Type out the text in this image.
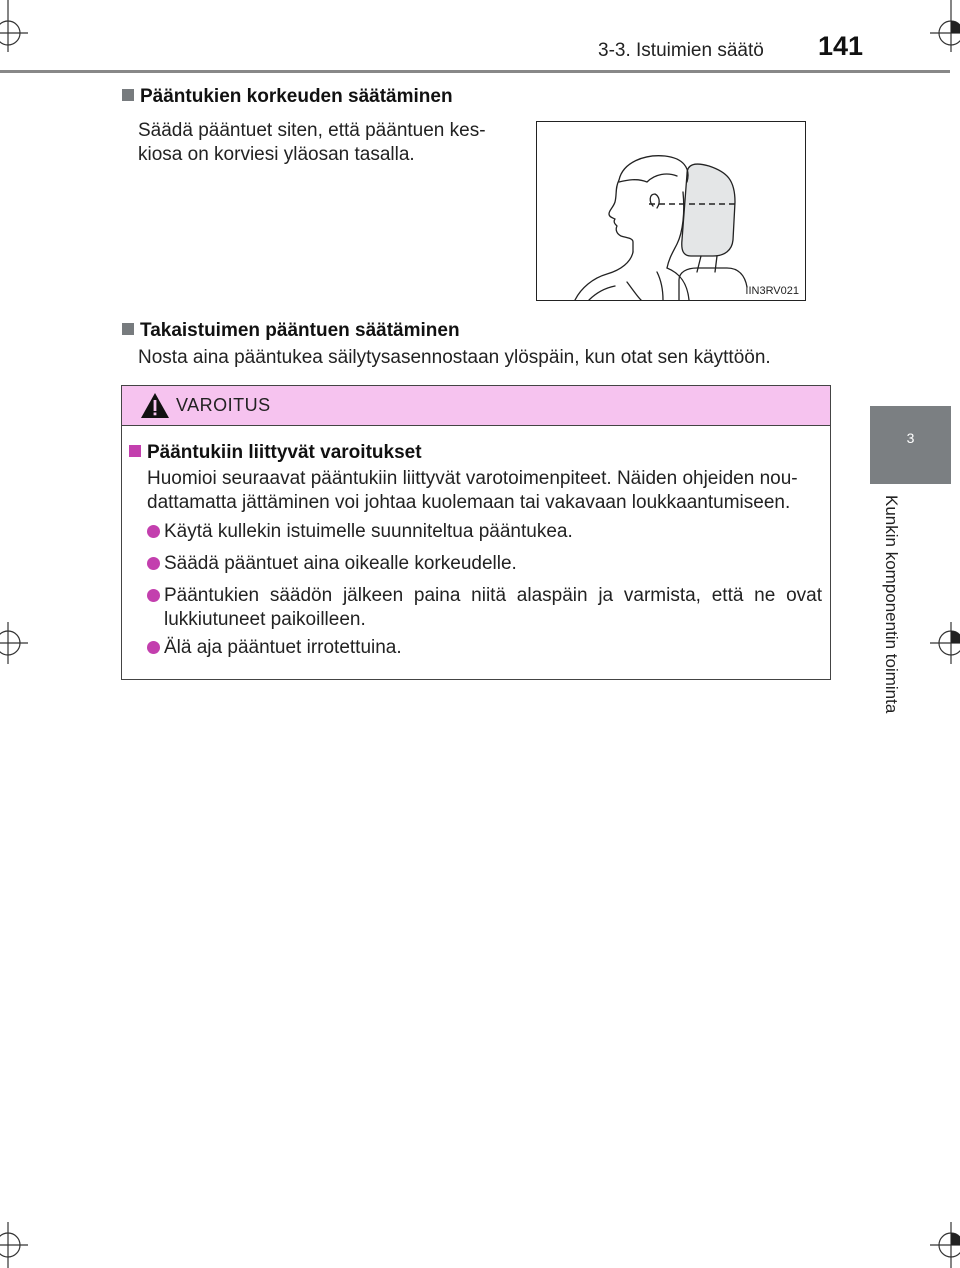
3-3. Istuimien säätö 141
3
Kunkin komponentin toiminta
Pääntukien korkeuden säätäminen
Säädä pääntuet siten, että pääntuen kes-
kiosa on korviesi yläosan tasalla.
IIN3RV021
Takaistuimen pääntuen säätäminen
Nosta aina pääntukea säilytysasennostaan ylöspäin, kun otat sen käyttöön.
VAROITUS
Pääntukiin liittyvät varoitukset
Huomioi seuraavat pääntukiin liittyvät varotoimenpiteet. Näiden ohjeiden nou-
dattamatta jättäminen voi johtaa kuolemaan tai vakavaan loukkaantumiseen.
Käytä kullekin istuimelle suunniteltua pääntukea.
Säädä pääntuet aina oikealle korkeudelle.
Pääntukien säädön jälkeen paina niitä alaspäin ja varmista, että ne ovat
lukkiutuneet paikoilleen.
Älä aja pääntuet irrotettuina.
